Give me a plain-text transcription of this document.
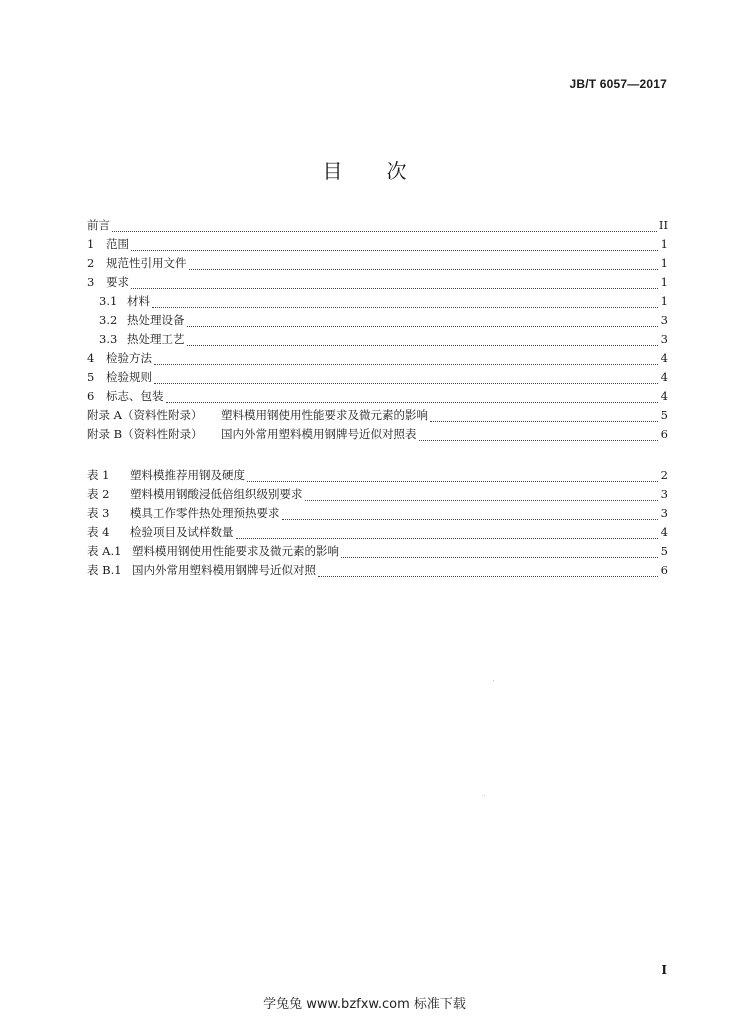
JB/T 6057—2017
目 次
前言	II
1	范围	1
2	规范性引用文件	1
3	要求	1
3.1 材料	1
3.2 热处理设备	3
3.3 热处理工艺	3
4	检验方法	4
5	检验规则	4
6	标志、包装	4
附录 A（资料性附录）	塑料模用钢使用性能要求及微元素的影响	5
附录 B（资料性附录）	国内外常用塑料模用钢牌号近似对照表	6
表 1	塑料模推荐用钢及硬度	2
表 2	塑料模用钢酸浸低倍组织级别要求	3
表 3	模具工作零件热处理预热要求	3
表 4	检验项目及试样数量	4
表 A.1 塑料模用钢使用性能要求及微元素的影响	5
表 B.1 国内外常用塑料模用钢牌号近似对照	6
I
学兔兔 www.bzfxw.com 标准下载
